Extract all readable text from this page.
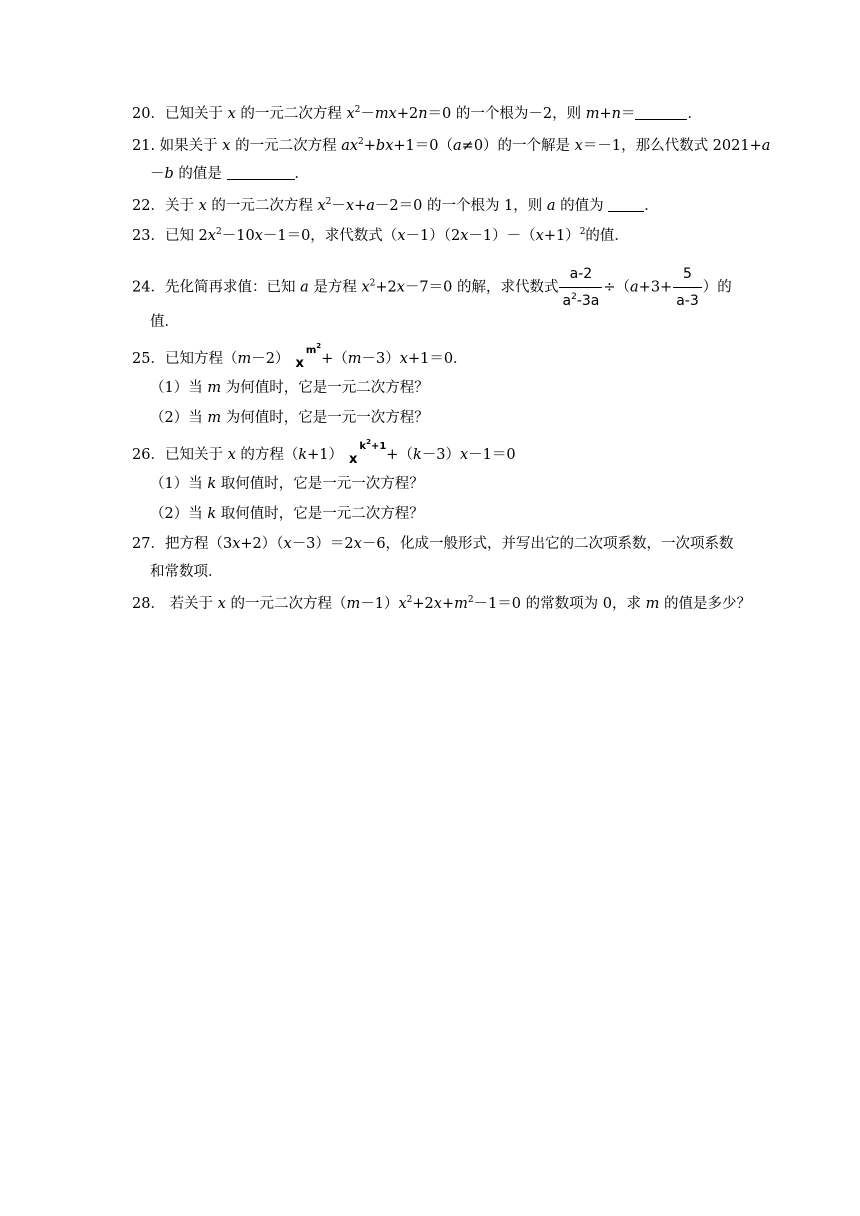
20．已知关于 x 的一元二次方程 $x^2-mx+2n=0$ 的一个根为－2，则 m+n＝	．
21. 如果关于 x 的一元二次方程 $ax^2+bx+1=0(a\ne 0)$的一个解是 x＝－1，那么代数式 2021+a
－b 的值是	．
22．关于 x 的一元二次方程 $x^2-x+a-2=0$ 的一个根为 1，则 a 的值为	．
23．已知 $2x^2-10x-1=0$，求代数式$(x-1)(2x-1)-(x+1)^2$的值．
24．先化简再求值：已知 a 是方程 $x^2+2x-7=0$ 的解，求代数式 $\frac{a-2}{a^2-3a} \div(a+3+ \frac{5}{a-3}$ ）的
值．
25．已知方程（m－2） $x^{m^2}+(m-3)x+1=0$．
（1）当 m 为何值时，它是一元二次方程？
（2）当 m 为何值时，它是一元一次方程？
26．已知关于 x 的方程（k+1） $x^{k^2+1}+(k-3)x-1=0$
（1）当 k 取何值时，它是一元一次方程？
（2）当 k 取何值时，它是一元二次方程？
27．把方程（3x+2）（x－3）＝2x－6，化成一般形式，并写出它的二次项系数，一次项系数
和常数项．
28． 若关于 x 的一元二次方程$(m-1)x^2+2x+m^2-1=0$ 的常数项为 0，求 m 的值是多少？
